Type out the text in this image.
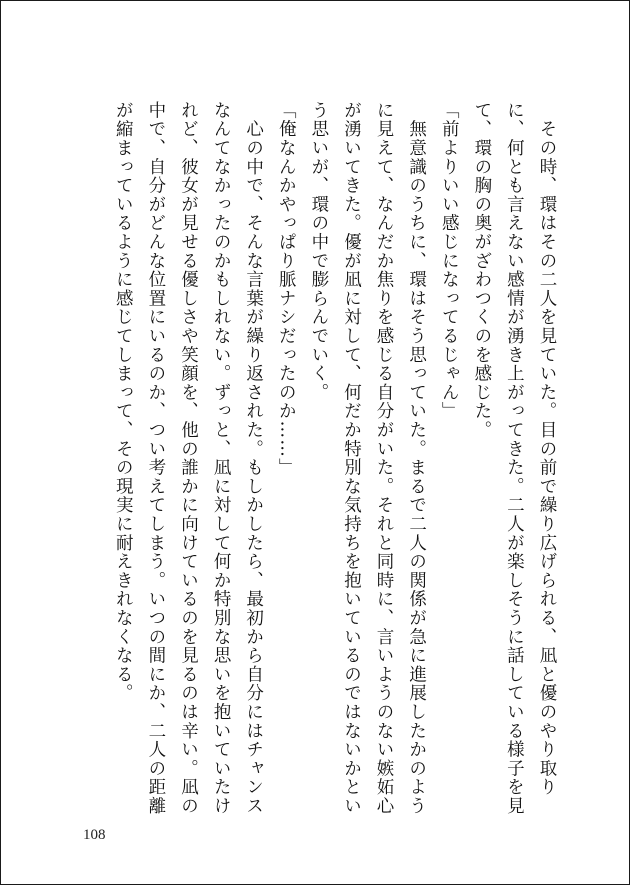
　その時、環はその二人を見ていた。目の前で繰り広げられる、凪と優のやり取りに、何とも言えない感情が湧き上がってきた。二人が楽しそうに話している様子を見て、環の胸の奥がざわつくのを感じた。

「前よりいい感じになってるじゃん」

　無意識のうちに、環はそう思っていた。まるで二人の関係が急に進展したかのように見えて、なんだか焦りを感じる自分がいた。それと同時に、言いようのない嫉妬心が湧いてきた。優が凪に対して、何だか特別な気持ちを抱いているのではないかという思いが、環の中で膨らんでいく。

「俺なんかやっぱり脈ナシだったのか……」

　心の中で、そんな言葉が繰り返された。もしかしたら、最初から自分にはチャンスなんてなかったのかもしれない。ずっと、凪に対して何か特別な思いを抱いていたけれど、彼女が見せる優しさや笑顔を、他の誰かに向けているのを見るのは辛い。凪の中で、自分がどんな位置にいるのか、つい考えてしまう。いつの間にか、二人の距離が縮まっているように感じてしまって、その現実に耐えきれなくなる。

108
